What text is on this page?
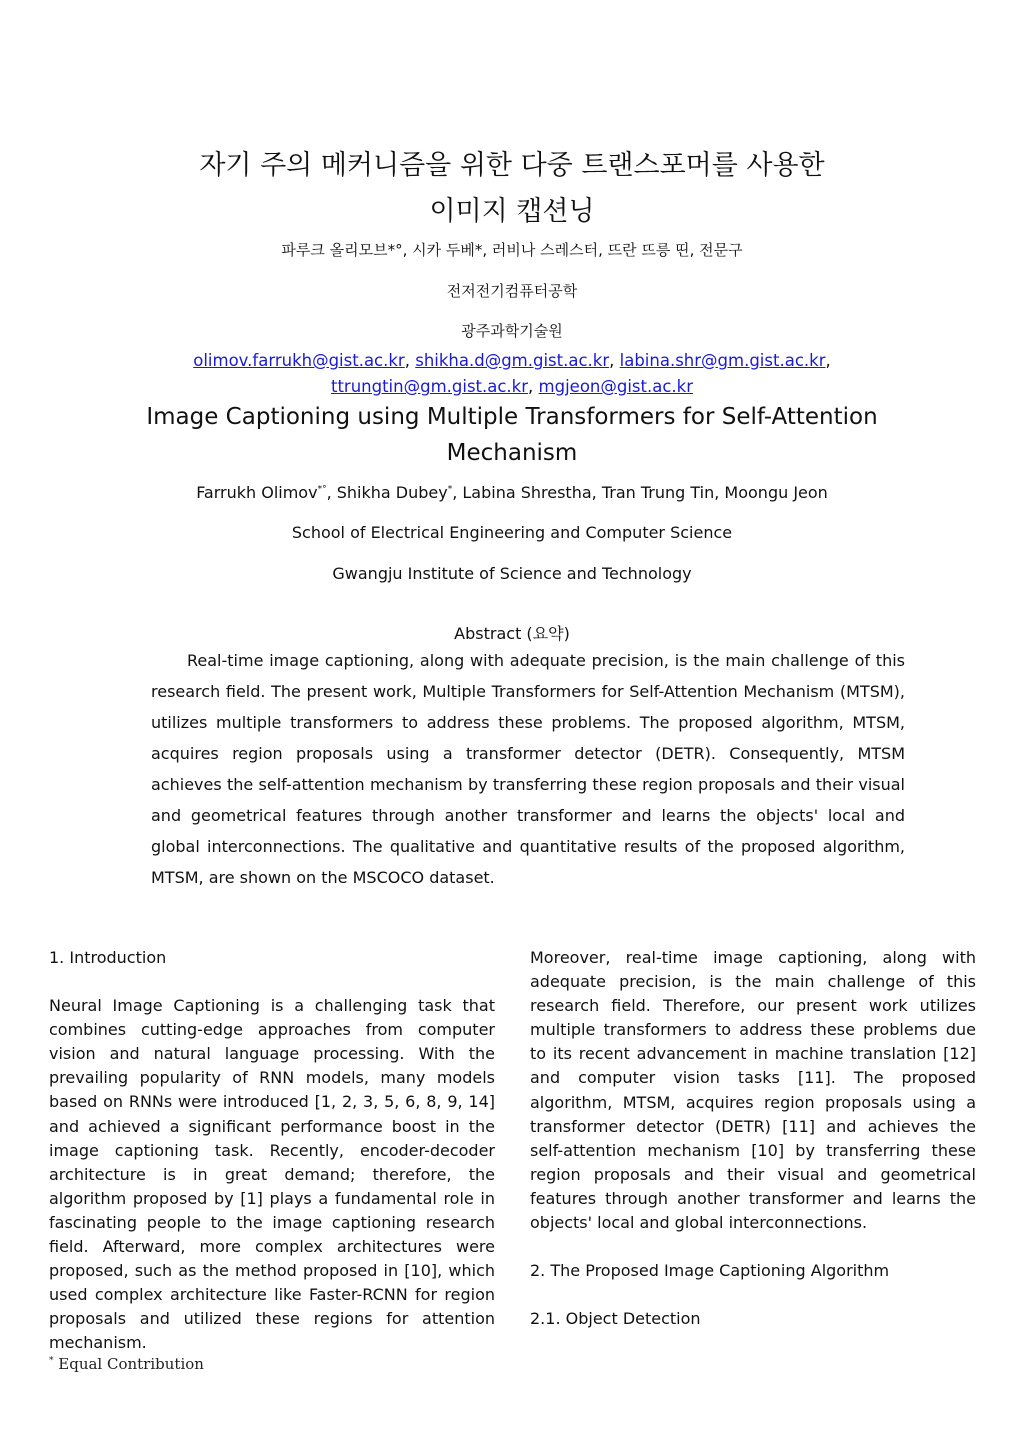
자기 주의 메커니즘을 위한 다중 트랜스포머를 사용한
이미지 캡션닝
파루크 올리모브*°, 시카 두베*, 러비나 스레스터, 뜨란 뜨릉 띤, 전문구
전저전기컴퓨터공학
광주과학기술원
olimov.farrukh@gist.ac.kr, shikha.d@gm.gist.ac.kr, labina.shr@gm.gist.ac.kr,
ttrungtin@gm.gist.ac.kr, mgjeon@gist.ac.kr
Image Captioning using Multiple Transformers for Self-Attention
Mechanism
Farrukh Olimov*°, Shikha Dubey*, Labina Shrestha, Tran Trung Tin, Moongu Jeon
School of Electrical Engineering and Computer Science
Gwangju Institute of Science and Technology
Abstract (요약)

Real-time image captioning, along with adequate precision, is the main challenge of this research field. The present work, Multiple Transformers for Self-Attention Mechanism (MTSM), utilizes multiple transformers to address these problems. The proposed algorithm, MTSM, acquires region proposals using a transformer detector (DETR). Consequently, MTSM achieves the self-attention mechanism by transferring these region proposals and their visual and geometrical features through another transformer and learns the objects' local and global interconnections. The qualitative and quantitative results of the proposed algorithm, MTSM, are shown on the MSCOCO dataset.

1. Introduction

Neural Image Captioning is a challenging task that combines cutting-edge approaches from computer vision and natural language processing. With the prevailing popularity of RNN models, many models based on RNNs were introduced [1, 2, 3, 5, 6, 8, 9, 14] and achieved a significant performance boost in the image captioning task. Recently, encoder-decoder architecture is in great demand; therefore, the algorithm proposed by [1] plays a fundamental role in fascinating people to the image captioning research field. Afterward, more complex architectures were proposed, such as the method proposed in [10], which used complex architecture like Faster-RCNN for region proposals and utilized these regions for attention mechanism.

Moreover, real-time image captioning, along with adequate precision, is the main challenge of this research field. Therefore, our present work utilizes multiple transformers to address these problems due to its recent advancement in machine translation [12] and computer vision tasks [11]. The proposed algorithm, MTSM, acquires region proposals using a transformer detector (DETR) [11] and achieves the self-attention mechanism [10] by transferring these region proposals and their visual and geometrical features through another transformer and learns the objects' local and global interconnections.

2. The Proposed Image Captioning Algorithm
2.1. Object Detection
* Equal Contribution
